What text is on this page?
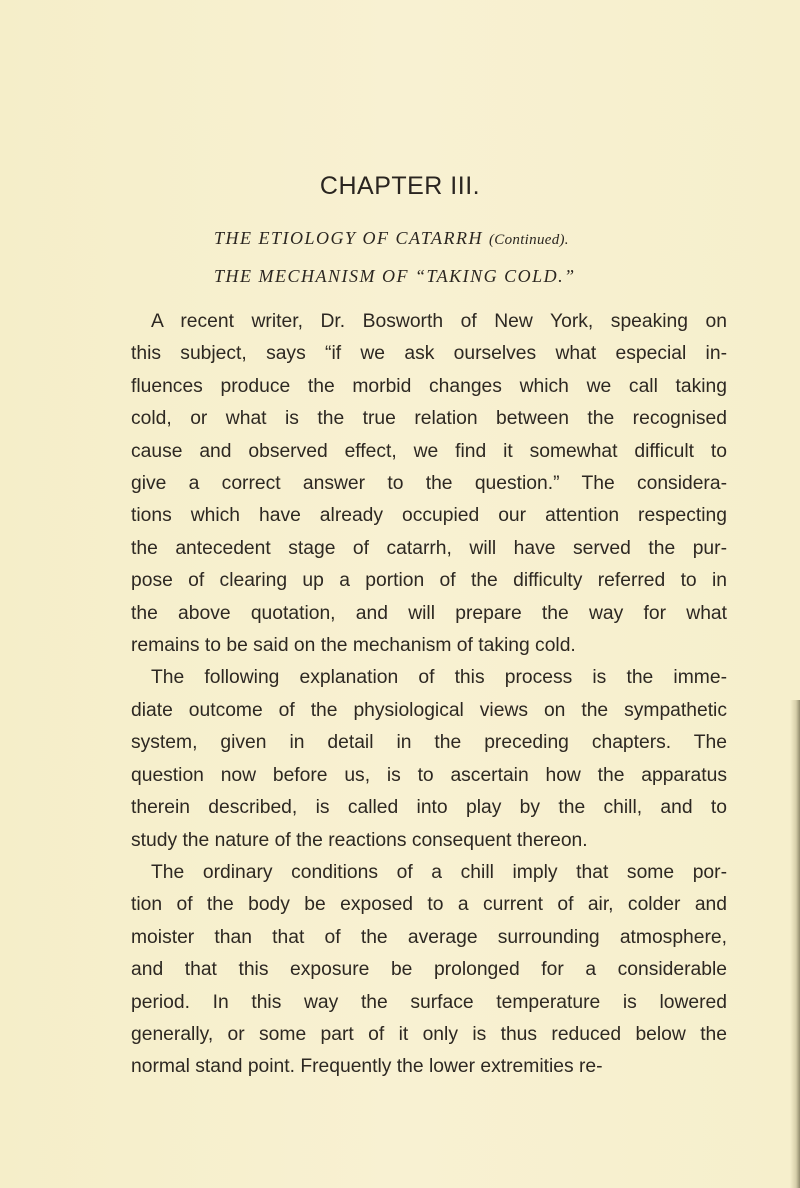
CHAPTER III.

THE ETIOLOGY OF CATARRH (Continued).

THE MECHANISM OF “TAKING COLD.”

A recent writer, Dr. Bosworth of New York, speaking on
this subject, says “if we ask ourselves what especial in-
fluences produce the morbid changes which we call taking
cold, or what is the true relation between the recognised
cause and observed effect, we find it somewhat difficult to
give a correct answer to the question.” The considera-
tions which have already occupied our attention respecting
the antecedent stage of catarrh, will have served the pur-
pose of clearing up a portion of the difficulty referred to in
the above quotation, and will prepare the way for what
remains to be said on the mechanism of taking cold.
The following explanation of this process is the imme-
diate outcome of the physiological views on the sympathetic
system, given in detail in the preceding chapters. The
question now before us, is to ascertain how the apparatus
therein described, is called into play by the chill, and to
study the nature of the reactions consequent thereon.
The ordinary conditions of a chill imply that some por-
tion of the body be exposed to a current of air, colder and
moister than that of the average surrounding atmosphere,
and that this exposure be prolonged for a considerable
period. In this way the surface temperature is lowered
generally, or some part of it only is thus reduced below the
normal stand point. Frequently the lower extremities re-
